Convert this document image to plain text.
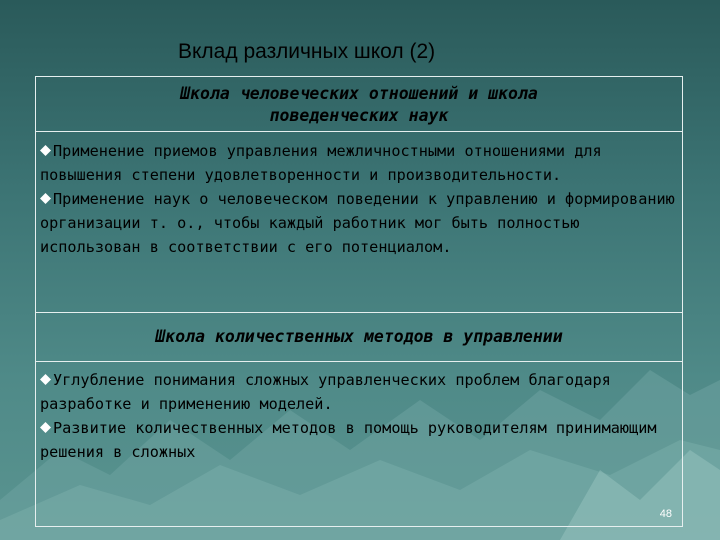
Вклад различных школ (2)
Школа человеческих отношений и школа
поведенческих наук
Применение приемов управления межличностными отношениями для повышения степени удовлетворенности и производительности.
Применение наук о человеческом поведении к управлению и формированию организации т. о., чтобы каждый работник мог быть полностью использован в соответствии с его потенциалом.
Школа количественных методов в управлении
Углубление понимания сложных управленческих проблем благодаря разработке и применению моделей.
Развитие количественных методов в помощь руководителям принимающим решения в сложных
48
